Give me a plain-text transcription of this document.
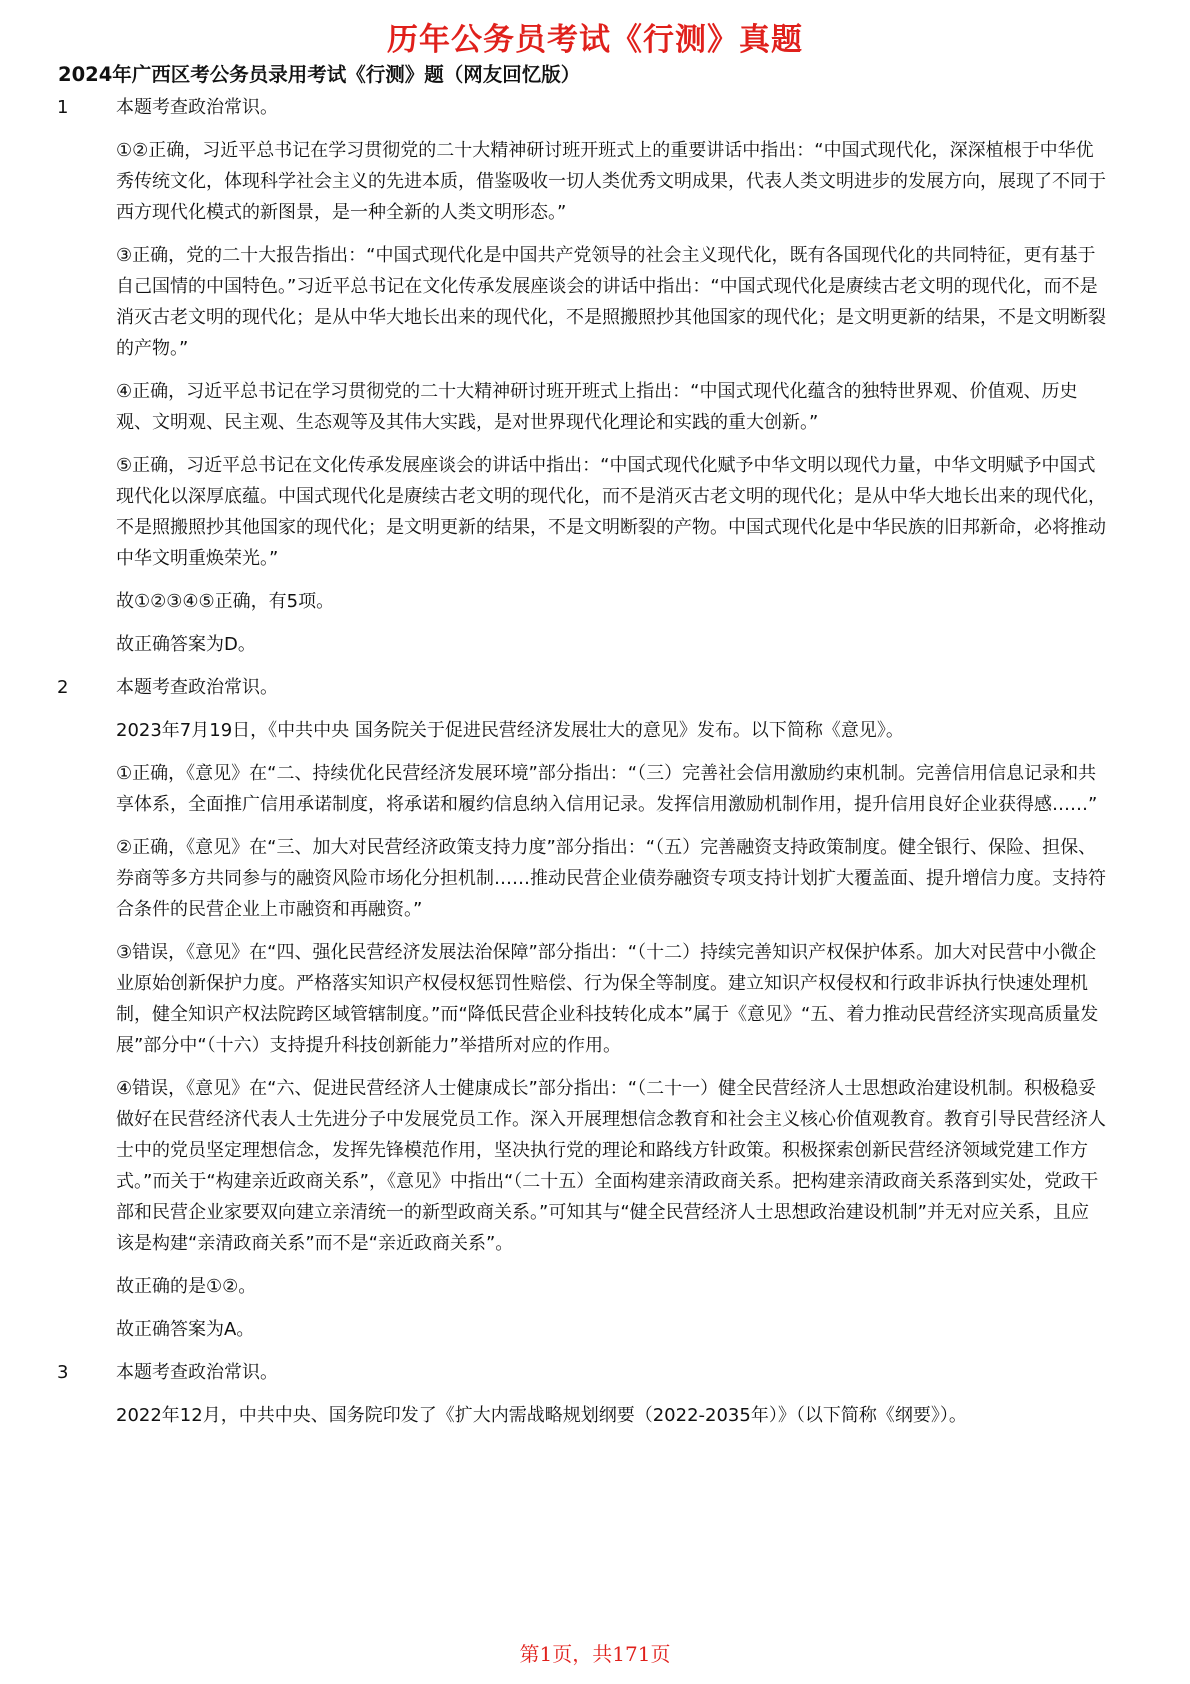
历年公务员考试《行测》真题
2024年广西区考公务员录用考试《行测》题（网友回忆版）
1	本题考查政治常识。

①②正确，习近平总书记在学习贯彻党的二十大精神研讨班开班式上的重要讲话中指出：“中国式现代化，深深植根于中华优秀传统文化，体现科学社会主义的先进本质，借鉴吸收一切人类优秀文明成果，代表人类文明进步的发展方向，展现了不同于西方现代化模式的新图景，是一种全新的人类文明形态。”

③正确，党的二十大报告指出：“中国式现代化是中国共产党领导的社会主义现代化，既有各国现代化的共同特征，更有基于自己国情的中国特色。”习近平总书记在文化传承发展座谈会的讲话中指出：“中国式现代化是赓续古老文明的现代化，而不是消灭古老文明的现代化；是从中华大地长出来的现代化，不是照搬照抄其他国家的现代化；是文明更新的结果，不是文明断裂的产物。”

④正确，习近平总书记在学习贯彻党的二十大精神研讨班开班式上指出：“中国式现代化蕴含的独特世界观、价值观、历史观、文明观、民主观、生态观等及其伟大实践，是对世界现代化理论和实践的重大创新。”

⑤正确，习近平总书记在文化传承发展座谈会的讲话中指出：“中国式现代化赋予中华文明以现代力量，中华文明赋予中国式现代化以深厚底蕴。中国式现代化是赓续古老文明的现代化，而不是消灭古老文明的现代化；是从中华大地长出来的现代化，不是照搬照抄其他国家的现代化；是文明更新的结果，不是文明断裂的产物。中国式现代化是中华民族的旧邦新命，必将推动中华文明重焕荣光。”

故①②③④⑤正确，有5项。

故正确答案为D。

2	本题考查政治常识。

2023年7月19日，《中共中央 国务院关于促进民营经济发展壮大的意见》发布。以下简称《意见》。

①正确，《意见》在“二、持续优化民营经济发展环境”部分指出：“（三）完善社会信用激励约束机制。完善信用信息记录和共享体系，全面推广信用承诺制度，将承诺和履约信息纳入信用记录。发挥信用激励机制作用，提升信用良好企业获得感……”

②正确，《意见》在“三、加大对民营经济政策支持力度”部分指出：“（五）完善融资支持政策制度。健全银行、保险、担保、券商等多方共同参与的融资风险市场化分担机制……推动民营企业债券融资专项支持计划扩大覆盖面、提升增信力度。支持符合条件的民营企业上市融资和再融资。”

③错误，《意见》在“四、强化民营经济发展法治保障”部分指出：“（十二）持续完善知识产权保护体系。加大对民营中小微企业原始创新保护力度。严格落实知识产权侵权惩罚性赔偿、行为保全等制度。建立知识产权侵权和行政非诉执行快速处理机制，健全知识产权法院跨区域管辖制度。”而“降低民营企业科技转化成本”属于《意见》“五、着力推动民营经济实现高质量发展”部分中“（十六）支持提升科技创新能力”举措所对应的作用。

④错误，《意见》在“六、促进民营经济人士健康成长”部分指出：“（二十一）健全民营经济人士思想政治建设机制。积极稳妥做好在民营经济代表人士先进分子中发展党员工作。深入开展理想信念教育和社会主义核心价值观教育。教育引导民营经济人士中的党员坚定理想信念，发挥先锋模范作用，坚决执行党的理论和路线方针政策。积极探索创新民营经济领域党建工作方式。”而关于“构建亲近政商关系”，《意见》中指出“（二十五）全面构建亲清政商关系。把构建亲清政商关系落到实处，党政干部和民营企业家要双向建立亲清统一的新型政商关系。”可知其与“健全民营经济人士思想政治建设机制”并无对应关系，且应该是构建“亲清政商关系”而不是“亲近政商关系”。

故正确的是①②。

故正确答案为A。

3	本题考查政治常识。

2022年12月，中共中央、国务院印发了《扩大内需战略规划纲要（2022-2035年）》（以下简称《纲要》）。

第1页，共171页
